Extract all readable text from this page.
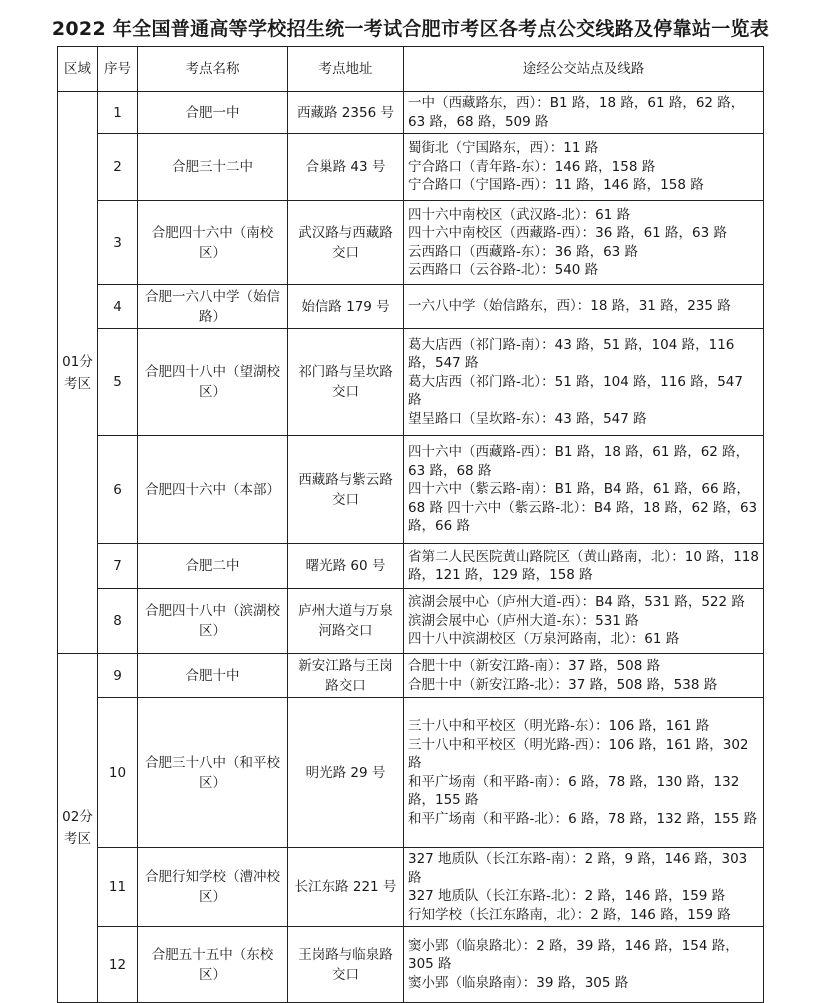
2022 年全国普通高等学校招生统一考试合肥市考区各考点公交线路及停靠站一览表
区域	序号	考点名称	考点地址	途经公交站点及线路
01分考区	1	合肥一中	西藏路 2356 号	一中（西藏路东，西）：B1 路，18 路，61 路，62 路，63 路，68 路，509 路

	2	合肥三十二中	合巢路 43 号	蜀街北（宁国路东，西）：11 路
宁合路口（青年路-东）：146 路，158 路
宁合路口（宁国路-西）：11 路，146 路，158 路

	3	合肥四十六中（南校区）	武汉路与西藏路交口	四十六中南校区（武汉路-北）：61 路
四十六中南校区（西藏路-西）：36 路，61 路，63 路
云西路口（西藏路-东）：36 路，63 路
云西路口（云谷路-北）：540 路

	4	合肥一六八中学（始信路）	始信路 179 号	一六八中学（始信路东，西）：18 路，31 路，235 路

	5	合肥四十八中（望湖校区）	祁门路与呈坎路交口	葛大店西（祁门路-南）：43 路，51 路，104 路，116 路，547 路
葛大店西（祁门路-北）：51 路，104 路，116 路，547 路
望呈路口（呈坎路-东）：43 路，547 路

	6	合肥四十六中（本部）	西藏路与紫云路交口	四十六中（西藏路-西）：B1 路，18 路，61 路，62 路，63 路，68 路
四十六中（紫云路-南）：B1 路，B4 路，61 路，66 路，68 路 四十六中（紫云路-北）：B4 路，18 路，62 路，63 路，66 路

	7	合肥二中	曙光路 60 号	省第二人民医院黄山路院区（黄山路南，北）：10 路，118 路，121 路，129 路，158 路

	8	合肥四十八中（滨湖校区）	庐州大道与万泉河路交口	滨湖会展中心（庐州大道-西）：B4 路，531 路，522 路
滨湖会展中心（庐州大道-东）：531 路
四十八中滨湖校区（万泉河路南，北）：61 路

02分考区	9	合肥十中	新安江路与王岗路交口	合肥十中（新安江路-南）：37 路，508 路
合肥十中（新安江路-北）：37 路，508 路，538 路

	10	合肥三十八中（和平校区）	明光路 29 号	三十八中和平校区（明光路-东）：106 路，161 路
三十八中和平校区（明光路-西）：106 路，161 路，302 路
和平广场南（和平路-南）：6 路，78 路，130 路，132 路，155 路
和平广场南（和平路-北）：6 路，78 路，132 路，155 路

	11	合肥行知学校（漕冲校区）	长江东路 221 号	327 地质队（长江东路-南）：2 路，9 路，146 路，303 路
327 地质队（长江东路-北）：2 路，146 路，159 路
行知学校（长江东路南，北）：2 路，146 路，159 路

	12	合肥五十五中（东校区）	王岗路与临泉路交口	窦小郢（临泉路北）：2 路，39 路，146 路，154 路，305 路
窦小郢（临泉路南）：39 路，305 路
